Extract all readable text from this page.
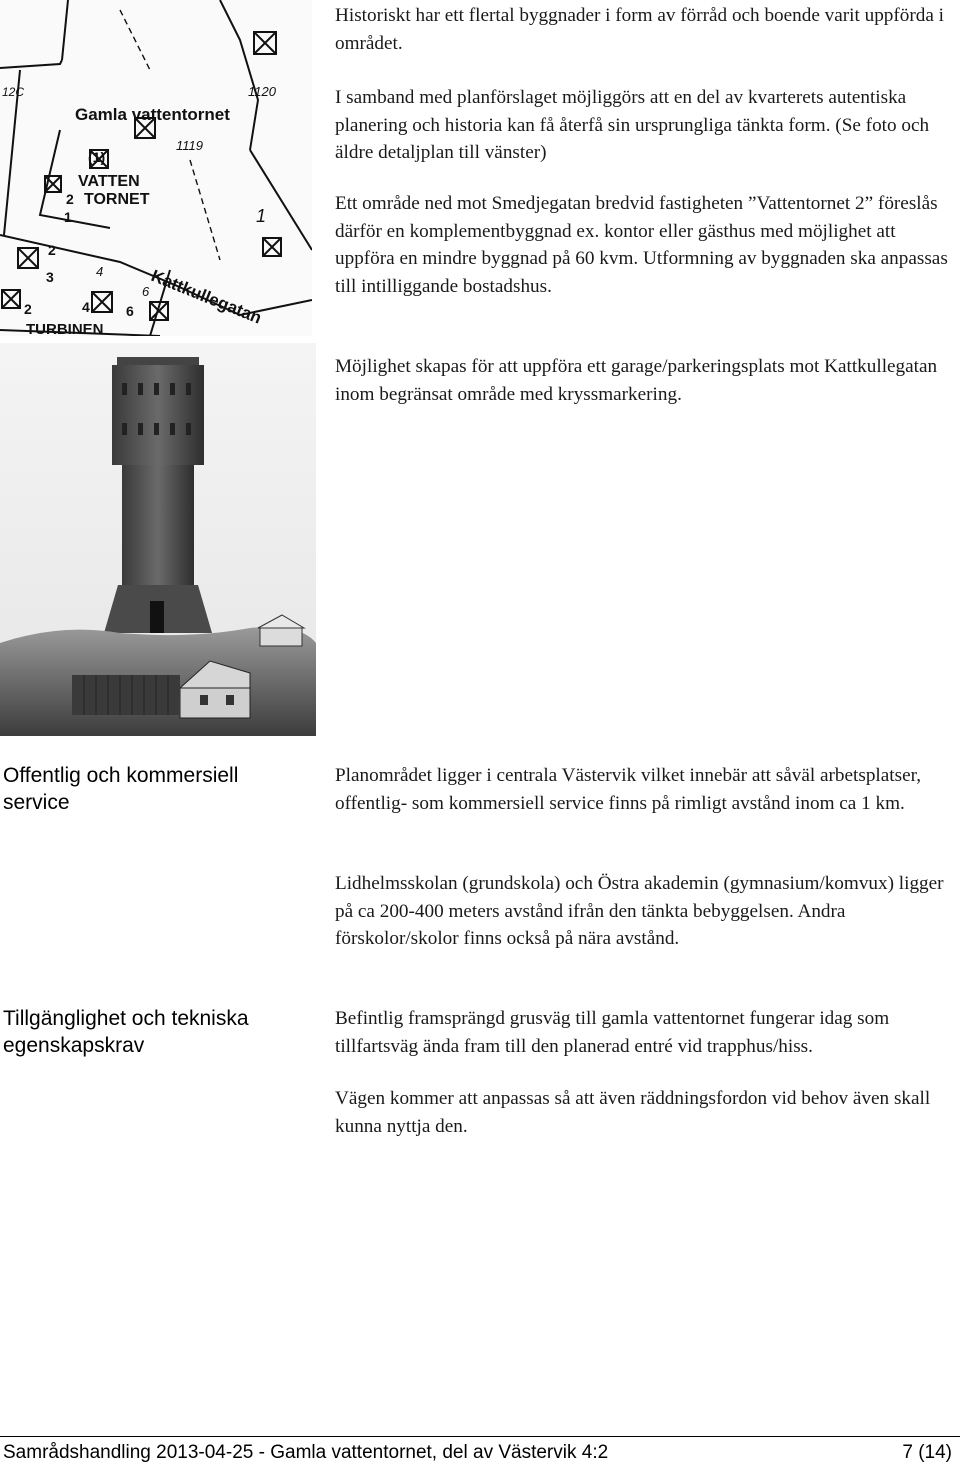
Gamla vattentornet
VATTEN
TORNET
Kattkullegatan
TURBINEN
1120
1119
12C
(1)
2
1
2
3	4
6
4	6
2
1

Historiskt har ett flertal byggnader i form av förråd och boende varit uppförda i området.

I samband med planförslaget möjliggörs att en del av kvarterets autentiska planering och historia kan få återfå sin ursprungliga tänkta form. (Se foto och äldre detaljplan till vänster)

Ett område ned mot Smedjegatan bredvid fastigheten ”Vattentornet 2” föreslås därför en komplementbyggnad ex. kontor eller gästhus med möjlighet att uppföra en mindre byggnad på 60 kvm. Utformning av byggnaden ska anpassas till intilliggande bostadshus.

Möjlighet skapas för att uppföra ett garage/parkeringsplats mot Kattkullegatan inom begränsat område med kryssmarkering.

Offentlig och kommersiell service

Planområdet ligger i centrala Västervik vilket innebär att såväl arbetsplatser, offentlig- som kommersiell service finns på rimligt avstånd inom ca 1 km.

Lidhelmsskolan (grundskola) och Östra akademin (gymnasium/komvux) ligger på ca 200-400 meters avstånd ifrån den tänkta bebyggelsen. Andra förskolor/skolor finns också på nära avstånd.

Tillgänglighet och tekniska egenskapskrav

Befintlig framsprängd grusväg till gamla vattentornet fungerar idag som tillfartsväg ända fram till den planerad entré vid trapphus/hiss.

Vägen kommer att anpassas så att även räddningsfordon vid behov även skall kunna nyttja den.

Samrådshandling 2013-04-25 - Gamla vattentornet, del av Västervik 4:2	7 (14)
